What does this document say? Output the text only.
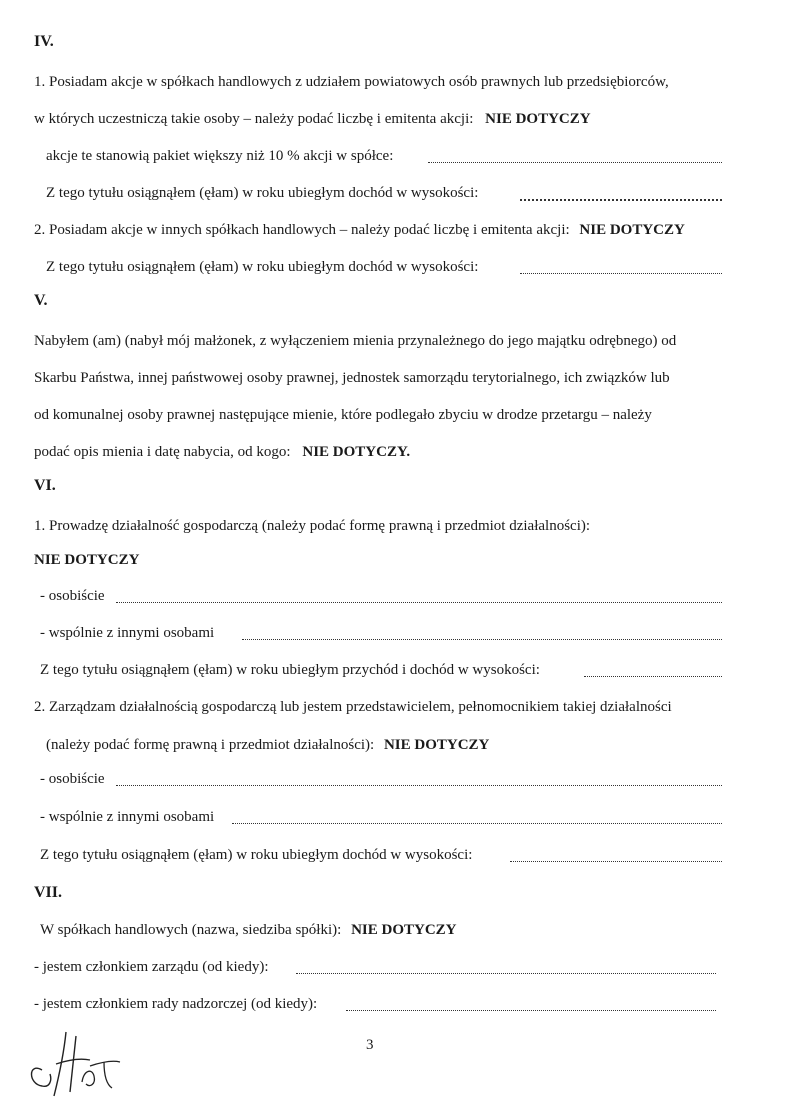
IV.
1. Posiadam akcje w spółkach handlowych z udziałem powiatowych osób prawnych lub przedsiębiorców,
w których uczestniczą takie osoby – należy podać liczbę i emitenta akcji: NIE DOTYCZY
akcje te stanowią pakiet większy niż 10 % akcji w spółce:
Z tego tytułu osiągnąłem (ęłam) w roku ubiegłym dochód w wysokości:
2. Posiadam akcje w innych spółkach handlowych – należy podać liczbę i emitenta akcji: NIE DOTYCZY
Z tego tytułu osiągnąłem (ęłam) w roku ubiegłym dochód w wysokości:
V.
Nabyłem (am) (nabył mój małżonek, z wyłączeniem mienia przynależnego do jego majątku odrębnego) od
Skarbu Państwa, innej państwowej osoby prawnej, jednostek samorządu terytorialnego, ich związków lub
od komunalnej osoby prawnej następujące mienie, które podlegało zbyciu w drodze przetargu – należy
podać opis mienia i datę nabycia, od kogo: NIE DOTYCZY.
VI.
1. Prowadzę działalność gospodarczą (należy podać formę prawną i przedmiot działalności):
NIE DOTYCZY
- osobiście
- wspólnie z innymi osobami
Z tego tytułu osiągnąłem (ęłam) w roku ubiegłym przychód i dochód w wysokości:
2. Zarządzam działalnością gospodarczą lub jestem przedstawicielem, pełnomocnikiem takiej działalności
(należy podać formę prawną i przedmiot działalności): NIE DOTYCZY
- osobiście
- wspólnie z innymi osobami
Z tego tytułu osiągnąłem (ęłam) w roku ubiegłym dochód w wysokości:
VII.
W spółkach handlowych (nazwa, siedziba spółki): NIE DOTYCZY
- jestem członkiem zarządu (od kiedy):
- jestem członkiem rady nadzorczej (od kiedy):
3
